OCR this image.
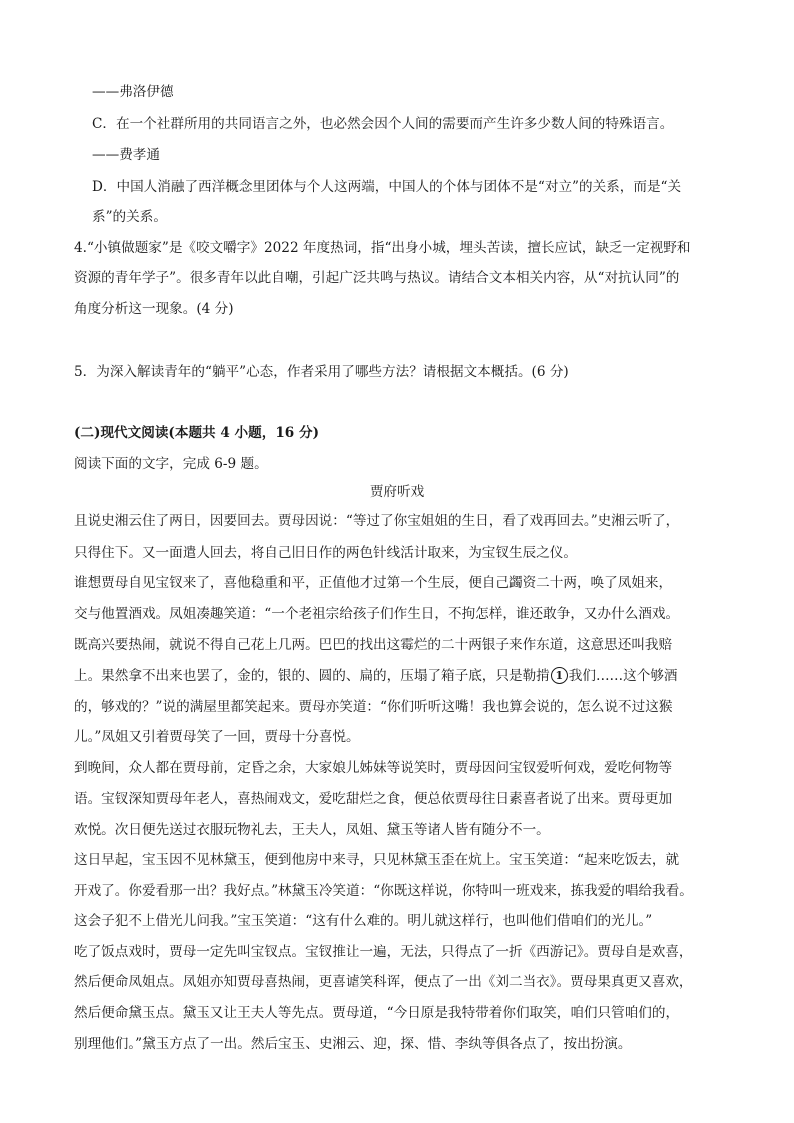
——弗洛伊德
C．在一个社群所用的共同语言之外，也必然会因个人间的需要而产生许多少数人间的特殊语言。
——费孝通
D．中国人消融了西洋概念里团体与个人这两端，中国人的个体与团体不是“对立”的关系，而是“关
系”的关系。
4.“小镇做题家”是《咬文嚼字》2022 年度热词，指“出身小城，埋头苦读，擅长应试，缺乏一定视野和
资源的青年学子”。很多青年以此自嘲，引起广泛共鸣与热议。请结合文本相关内容，从“对抗认同”的
角度分析这一现象。(4 分)
5．为深入解读青年的“躺平”心态，作者采用了哪些方法？请根据文本概括。(6 分)
(二)现代文阅读(本题共 4 小题，16 分)
阅读下面的文字，完成 6-9 题。
贾府听戏
且说史湘云住了两日，因要回去。贾母因说：“等过了你宝姐姐的生日，看了戏再回去。”史湘云听了，
只得住下。又一面遣人回去，将自己旧日作的两色针线活计取来，为宝钗生辰之仪。
谁想贾母自见宝钗来了，喜他稳重和平，正值他才过第一个生辰，便自己蠲资二十两，唤了凤姐来，
交与他置酒戏。凤姐凑趣笑道：“一个老祖宗给孩子们作生日，不拘怎样，谁还敢争，又办什么酒戏。
既高兴要热闹，就说不得自己花上几两。巴巴的找出这霉烂的二十两银子来作东道，这意思还叫我赔
上。果然拿不出来也罢了，金的，银的、圆的、扁的，压塌了箱子底，只是勒掯 1 我们……这个够酒
的，够戏的？”说的满屋里都笑起来。贾母亦笑道：“你们听听这嘴！我也算会说的，怎么说不过这猴
儿。”凤姐又引着贾母笑了一回，贾母十分喜悦。
到晚间，众人都在贾母前，定昏之余，大家娘儿姊妹等说笑时，贾母因问宝钗爱听何戏，爱吃何物等
语。宝钗深知贾母年老人，喜热闹戏文，爱吃甜烂之食，便总依贾母往日素喜者说了出来。贾母更加
欢悦。次日便先送过衣服玩物礼去，王夫人，凤姐、黛玉等诸人皆有随分不一。
这日早起，宝玉因不见林黛玉，便到他房中来寻，只见林黛玉歪在炕上。宝玉笑道：“起来吃饭去，就
开戏了。你爱看那一出？我好点。”林黛玉冷笑道：“你既这样说，你特叫一班戏来，拣我爱的唱给我看。
这会子犯不上借光儿问我。”宝玉笑道：“这有什么难的。明儿就这样行，也叫他们借咱们的光儿。”
吃了饭点戏时，贾母一定先叫宝钗点。宝钗推让一遍，无法，只得点了一折《西游记》。贾母自是欢喜，
然后便命凤姐点。凤姐亦知贾母喜热闹，更喜谑笑科诨，便点了一出《刘二当衣》。贾母果真更又喜欢，
然后便命黛玉点。黛玉又让王夫人等先点。贾母道，“今日原是我特带着你们取笑，咱们只管咱们的，
别理他们。”黛玉方点了一出。然后宝玉、史湘云、迎，探、惜、李纨等俱各点了，按出扮演。
